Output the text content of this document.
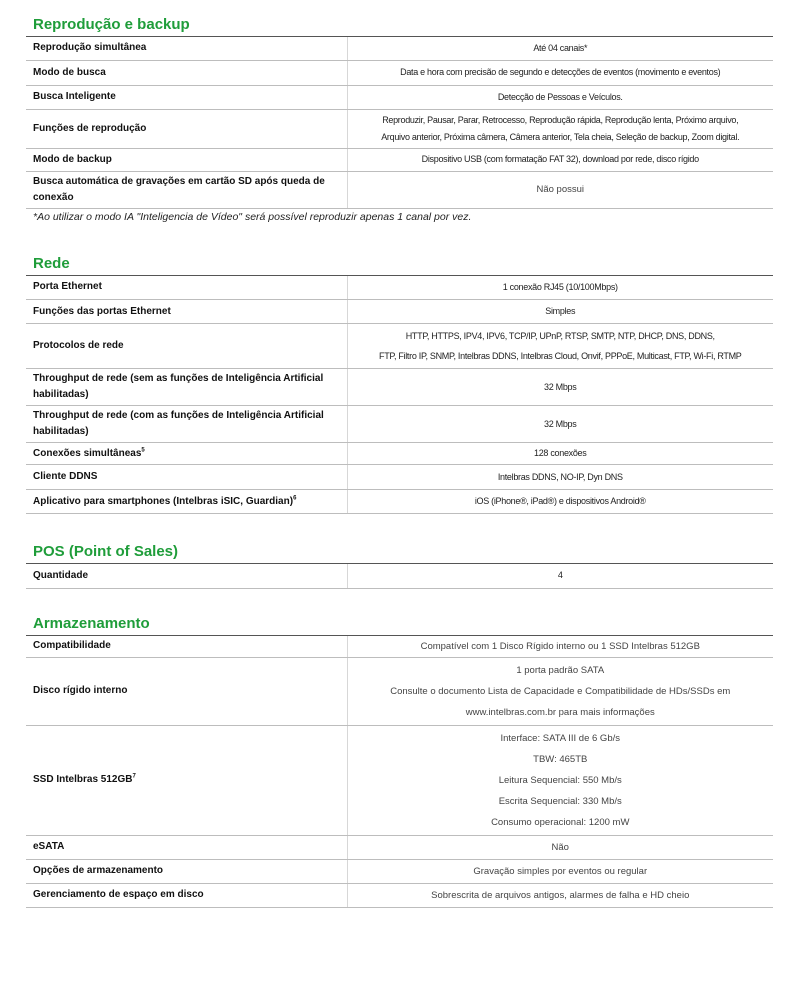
Reprodução e backup
Reprodução simultânea	Até 04 canais*

Modo de busca	Data e hora com precisão de segundo e detecções de eventos (movimento e eventos)

Busca Inteligente	Detecção de Pessoas e Veículos.

Funções de reprodução	Reproduzir, Pausar, Parar, Retrocesso, Reprodução rápida, Reprodução lenta, Próximo arquivo,
Arquivo anterior, Próxima câmera, Câmera anterior, Tela cheia, Seleção de backup, Zoom digital.

Modo de backup	Dispositivo USB (com formatação FAT 32), download por rede, disco rígido

Busca automática de gravações em cartão SD após queda de conexão	Não possui
*Ao utilizar o modo IA "Inteligencia de Vídeo" será possível reproduzir apenas 1 canal por vez.
Rede
Porta Ethernet	1 conexão RJ45 (10/100Mbps)

Funções das portas Ethernet	Simples

Protocolos de rede	HTTP, HTTPS, IPV4, IPV6, TCP/IP, UPnP, RTSP, SMTP, NTP, DHCP, DNS, DDNS,
FTP, Filtro IP, SNMP, Intelbras DDNS, Intelbras Cloud, Onvif, PPPoE, Multicast, FTP, Wi-Fi, RTMP

Throughput de rede (sem as funções de Inteligência Artificial habilitadas)	32 Mbps

Throughput de rede (com as funções de Inteligência Artificial habilitadas)	32 Mbps

Conexões simultâneas$^5$	128 conexões

Cliente DDNS	Intelbras DDNS, NO-IP, Dyn DNS

Aplicativo para smartphones (Intelbras iSIC, Guardian)$^6$	iOS (iPhone®, iPad®) e dispositivos Android®
POS (Point of Sales)
Quantidade	4
Armazenamento
Compatibilidade	Compatível com 1 Disco Rígido interno ou 1 SSD Intelbras 512GB

Disco rígido interno	1 porta padrão SATA
Consulte o documento Lista de Capacidade e Compatibilidade de HDs/SSDs em
www.intelbras.com.br para mais informações

SSD Intelbras $512GB^7$	Interface: SATA III de 6 Gb/s
TBW: 465TB
Leitura Sequencial: 550 Mb/s
Escrita Sequencial: 330 Mb/s
Consumo operacional: 1200 mW

eSATA	Não

Opções de armazenamento	Gravação simples por eventos ou regular

Gerenciamento de espaço em disco	Sobrescrita de arquivos antigos, alarmes de falha e HD cheio
